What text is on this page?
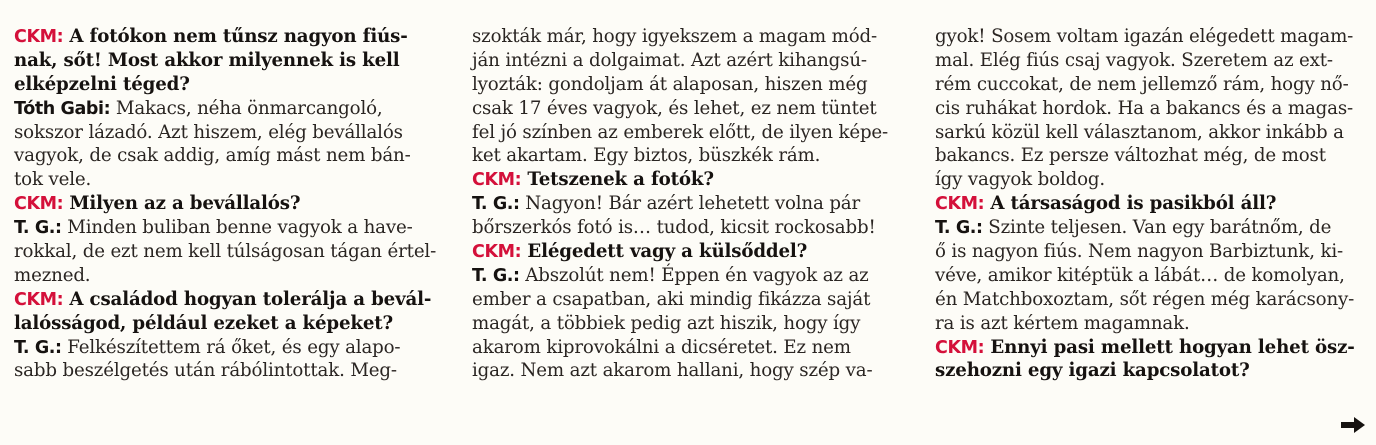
CKM: A fotókon nem tűnsz nagyon fiús-
nak, sőt! Most akkor milyennek is kell
elképzelni téged?
Tóth Gabi: Makacs, néha önmarcangoló,
sokszor lázadó. Azt hiszem, elég bevállalós
vagyok, de csak addig, amíg mást nem bán-
tok vele.
CKM: Milyen az a bevállalós?
T. G.: Minden buliban benne vagyok a have-
rokkal, de ezt nem kell túlságosan tágan értel-
mezned.
CKM: A családod hogyan tolerálja a bevál-
lalósságod, például ezeket a képeket?
T. G.: Felkészítettem rá őket, és egy alapo-
sabb beszélgetés után rábólintottak. Meg-
szokták már, hogy igyekszem a magam mód-
ján intézni a dolgaimat. Azt azért kihangsú-
lyozták: gondoljam át alaposan, hiszen még
csak 17 éves vagyok, és lehet, ez nem tüntet
fel jó színben az emberek előtt, de ilyen képe-
ket akartam. Egy biztos, büszkék rám.
CKM: Tetszenek a fotók?
T. G.: Nagyon! Bár azért lehetett volna pár
bőrszerkós fotó is… tudod, kicsit rockosabb!
CKM: Elégedett vagy a külsőddel?
T. G.: Abszolút nem! Éppen én vagyok az az
ember a csapatban, aki mindig fikázza saját
magát, a többiek pedig azt hiszik, hogy így
akarom kiprovokálni a dicséretet. Ez nem
igaz. Nem azt akarom hallani, hogy szép va-
gyok! Sosem voltam igazán elégedett magam-
mal. Elég fiús csaj vagyok. Szeretem az ext-
rém cuccokat, de nem jellemző rám, hogy nő-
cis ruhákat hordok. Ha a bakancs és a magas-
sarkú közül kell választanom, akkor inkább a
bakancs. Ez persze változhat még, de most
így vagyok boldog.
CKM: A társaságod is pasikból áll?
T. G.: Szinte teljesen. Van egy barátnőm, de
ő is nagyon fiús. Nem nagyon Barbiztunk, ki-
véve, amikor kitéptük a lábát… de komolyan,
én Matchboxoztam, sőt régen még karácsony-
ra is azt kértem magamnak.
CKM: Ennyi pasi mellett hogyan lehet ösz-
szehozni egy igazi kapcsolatot?
